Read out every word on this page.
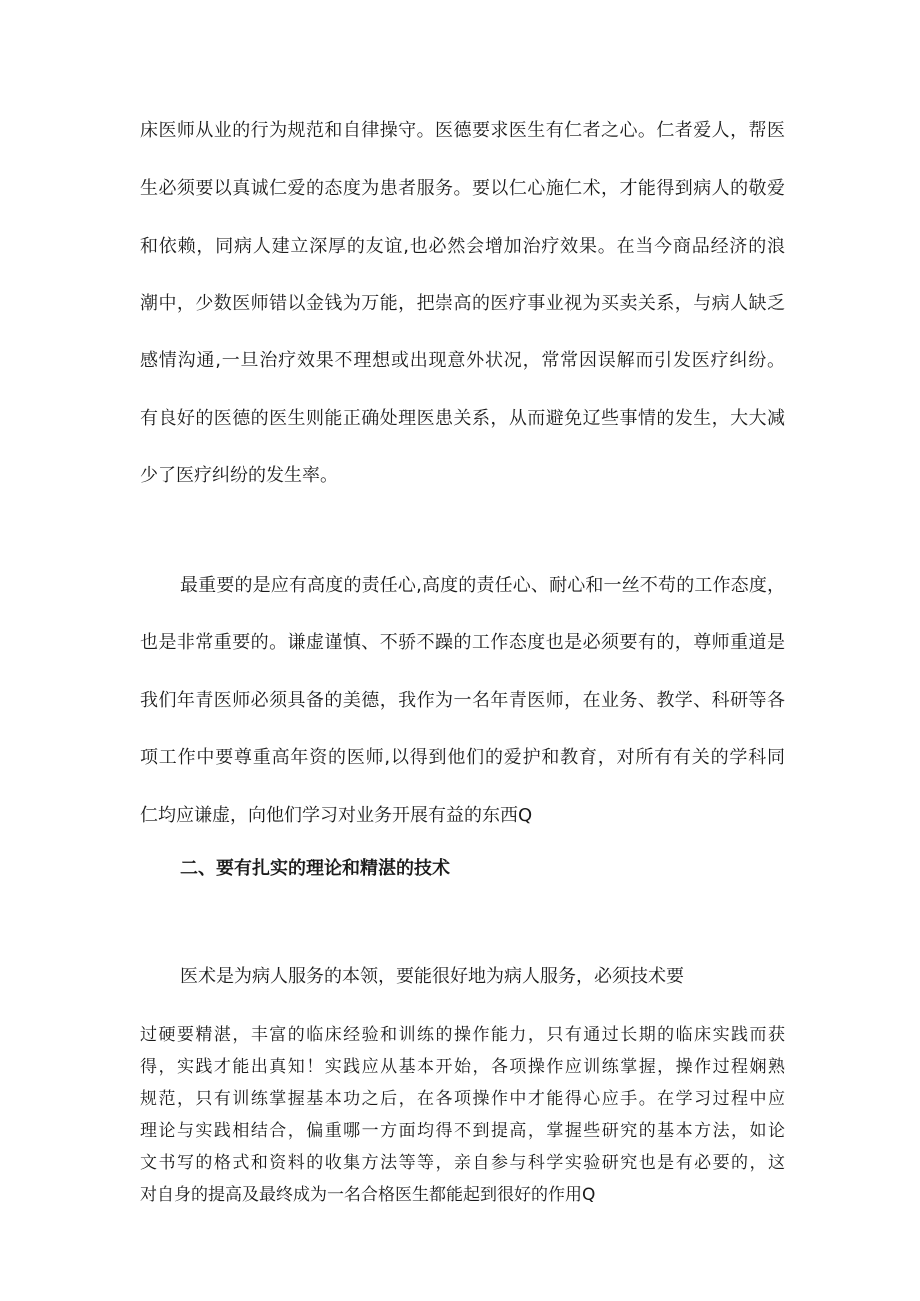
床医师从业的行为规范和自律操守。医德要求医生有仁者之心。仁者爱人，帮医
生必须要以真诚仁爱的态度为患者服务。要以仁心施仁术，才能得到病人的敬爱
和依赖，同病人建立深厚的友谊,也必然会增加治疗效果。在当今商品经济的浪
潮中，少数医师错以金钱为万能，把崇高的医疗事业视为买卖关系，与病人缺乏
感情沟通,一旦治疗效果不理想或出现意外状况，常常因误解而引发医疗纠纷。
有良好的医德的医生则能正确处理医患关系，从而避免辽些事情的发生，大大减
少了医疗纠纷的发生率。
最重要的是应有高度的责任心,高度的责任心、耐心和一丝不苟的工作态度，
也是非常重要的。谦虚谨慎、不骄不躁的工作态度也是必须要有的，尊师重道是
我们年青医师必须具备的美德，我作为一名年青医师，在业务、教学、科研等各
项工作中要尊重高年资的医师,以得到他们的爱护和教育，对所有有关的学科同
仁均应谦虚，向他们学习对业务开展有益的东西Q
二、要有扎实的理论和精湛的技术
医术是为病人服务的本领，要能很好地为病人服务，必须技术要
过硬要精湛，丰富的临床经验和训练的操作能力，只有通过长期的临床实践而获
得，实践才能出真知！实践应从基本开始，各项操作应训练掌握，操作过程娴熟
规范，只有训练掌握基本功之后，在各项操作中才能得心应手。在学习过程中应
理论与实践相结合，偏重哪一方面均得不到提高，掌握些研究的基本方法，如论
文书写的格式和资料的收集方法等等，亲自参与科学实验研究也是有必要的，这
对自身的提高及最终成为一名合格医生都能起到很好的作用Q
